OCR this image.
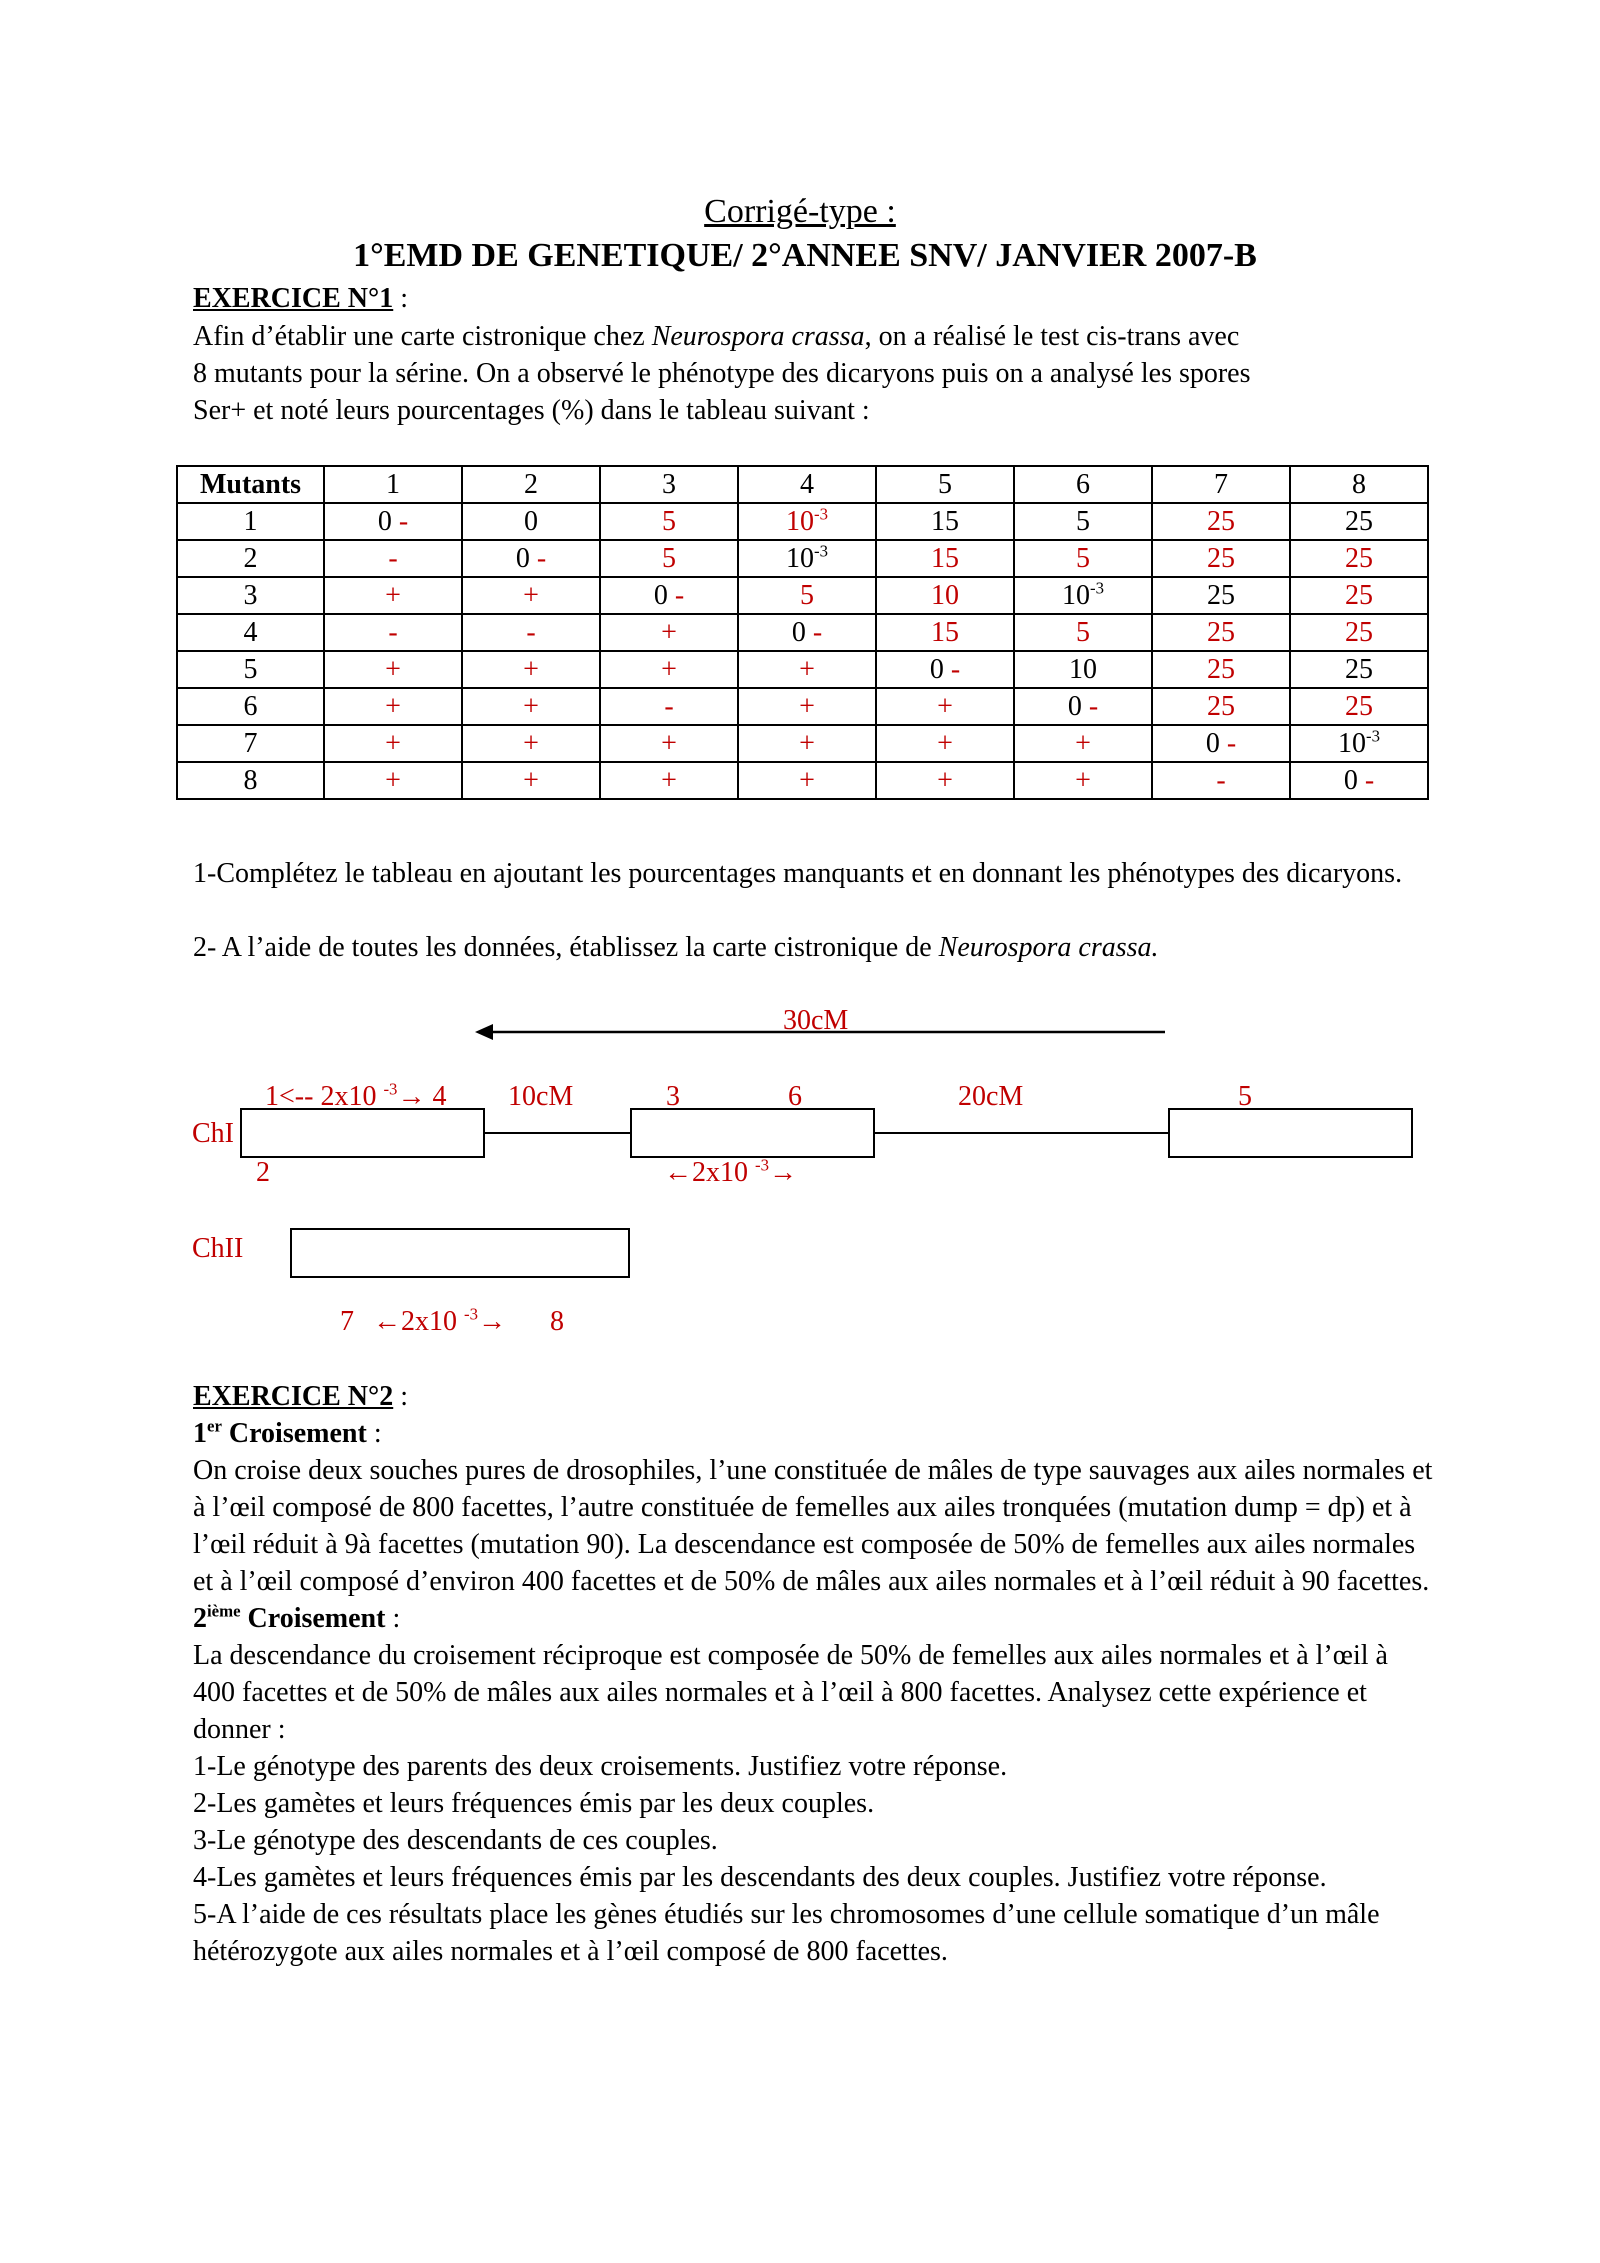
Corrigé-type :
1°EMD DE GENETIQUE/ 2°ANNEE SNV/ JANVIER 2007-B
EXERCICE N°1 :

Afin d’établir une carte cistronique chez Neurospora crassa, on a réalisé le test cis-trans avec

8 mutants pour la sérine. On a observé le phénotype des dicaryons puis on a analysé les spores

Ser+ et noté leurs pourcentages (%) dans le tableau suivant :

Mutants	1	2	3	4	5	6	7	8
1	0 -	0	5	$10^{-3}$	15	5	25	25
2	-	0 -	5	$10^{-3}$	15	5	25	25
3	+	+	0 -	5	10	$10^{-3}$	25	25
4	-	-	+	0 -	15	5	25	25
5	+	+	+	+	0 -	10	25	25
6	+	+	-	+	+	0 -	25	25
7	+	+	+	+	+	+	0 -	$10^{-3}$
8	+	+	+	+	+	+	-	0 -
1-Complétez le tableau en ajoutant les pourcentages manquants et en donnant les phénotypes des dicaryons.
2- A l’aide de toutes les données, établissez la carte cistronique de Neurospora crassa.
30cM
1<-- 2x10 $^{-3}$→ 4 10cM	3	6	20cM	5
ChI
2	←2x10 $^{-3}$→
ChII
7 ←2x10 $^{-3}$→ 8

EXERCICE N°2 :

1er Croisement :

On croise deux souches pures de drosophiles, l’une constituée de mâles de type sauvages aux ailes normales et à l’œil composé de 800 facettes, l’autre constituée de femelles aux ailes tronquées (mutation dump = dp) et à l’œil réduit à 9à facettes (mutation 90). La descendance est composée de 50% de femelles aux ailes normales et à l’œil composé d’environ 400 facettes et de 50% de mâles aux ailes normales et à l’œil réduit à 90 facettes.

2ième Croisement :

La descendance du croisement réciproque est composée de 50% de femelles aux ailes normales et à l’œil à 400 facettes et de 50% de mâles aux ailes normales et à l’œil à 800 facettes. Analysez cette expérience et donner :

1-Le génotype des parents des deux croisements. Justifiez votre réponse.

2-Les gamètes et leurs fréquences émis par les deux couples.

3-Le génotype des descendants de ces couples.

4-Les gamètes et leurs fréquences émis par les descendants des deux couples. Justifiez votre réponse.

5-A l’aide de ces résultats place les gènes étudiés sur les chromosomes d’une cellule somatique d’un mâle hétérozygote aux ailes normales et à l’œil composé de 800 facettes.
